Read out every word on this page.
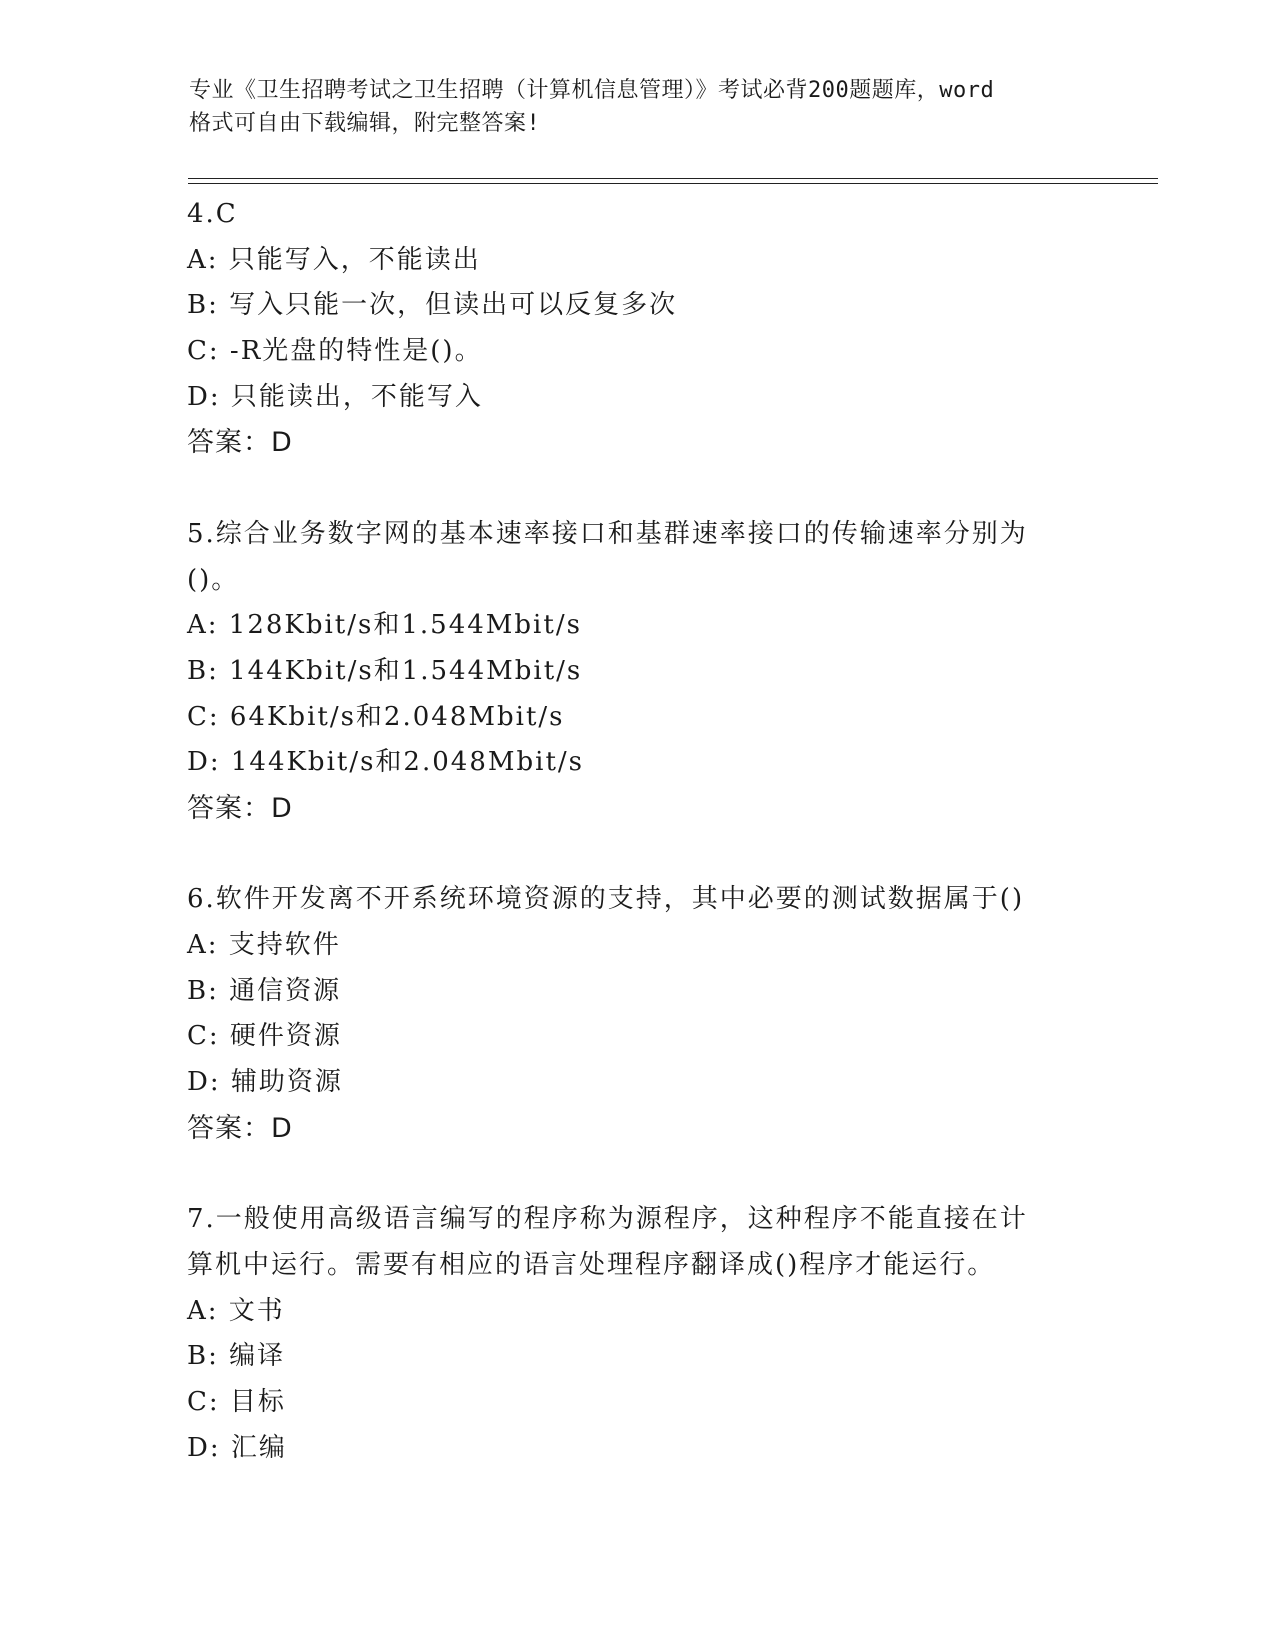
专业《卫生招聘考试之卫生招聘（计算机信息管理）》考试必背200题题库，word
格式可自由下载编辑，附完整答案!
4.C
A: 只能写入，不能读出
B: 写入只能一次，但读出可以反复多次
C: -R光盘的特性是()。
D: 只能读出，不能写入
答案：D
5.综合业务数字网的基本速率接口和基群速率接口的传输速率分别为
()。
A: 128Kbit/s和1.544Mbit/s
B: 144Kbit/s和1.544Mbit/s
C: 64Kbit/s和2.048Mbit/s
D: 144Kbit/s和2.048Mbit/s
答案：D
6.软件开发离不开系统环境资源的支持，其中必要的测试数据属于()
A: 支持软件
B: 通信资源
C: 硬件资源
D: 辅助资源
答案：D
7.一般使用高级语言编写的程序称为源程序，这种程序不能直接在计
算机中运行。需要有相应的语言处理程序翻译成()程序才能运行。
A: 文书
B: 编译
C: 目标
D: 汇编
